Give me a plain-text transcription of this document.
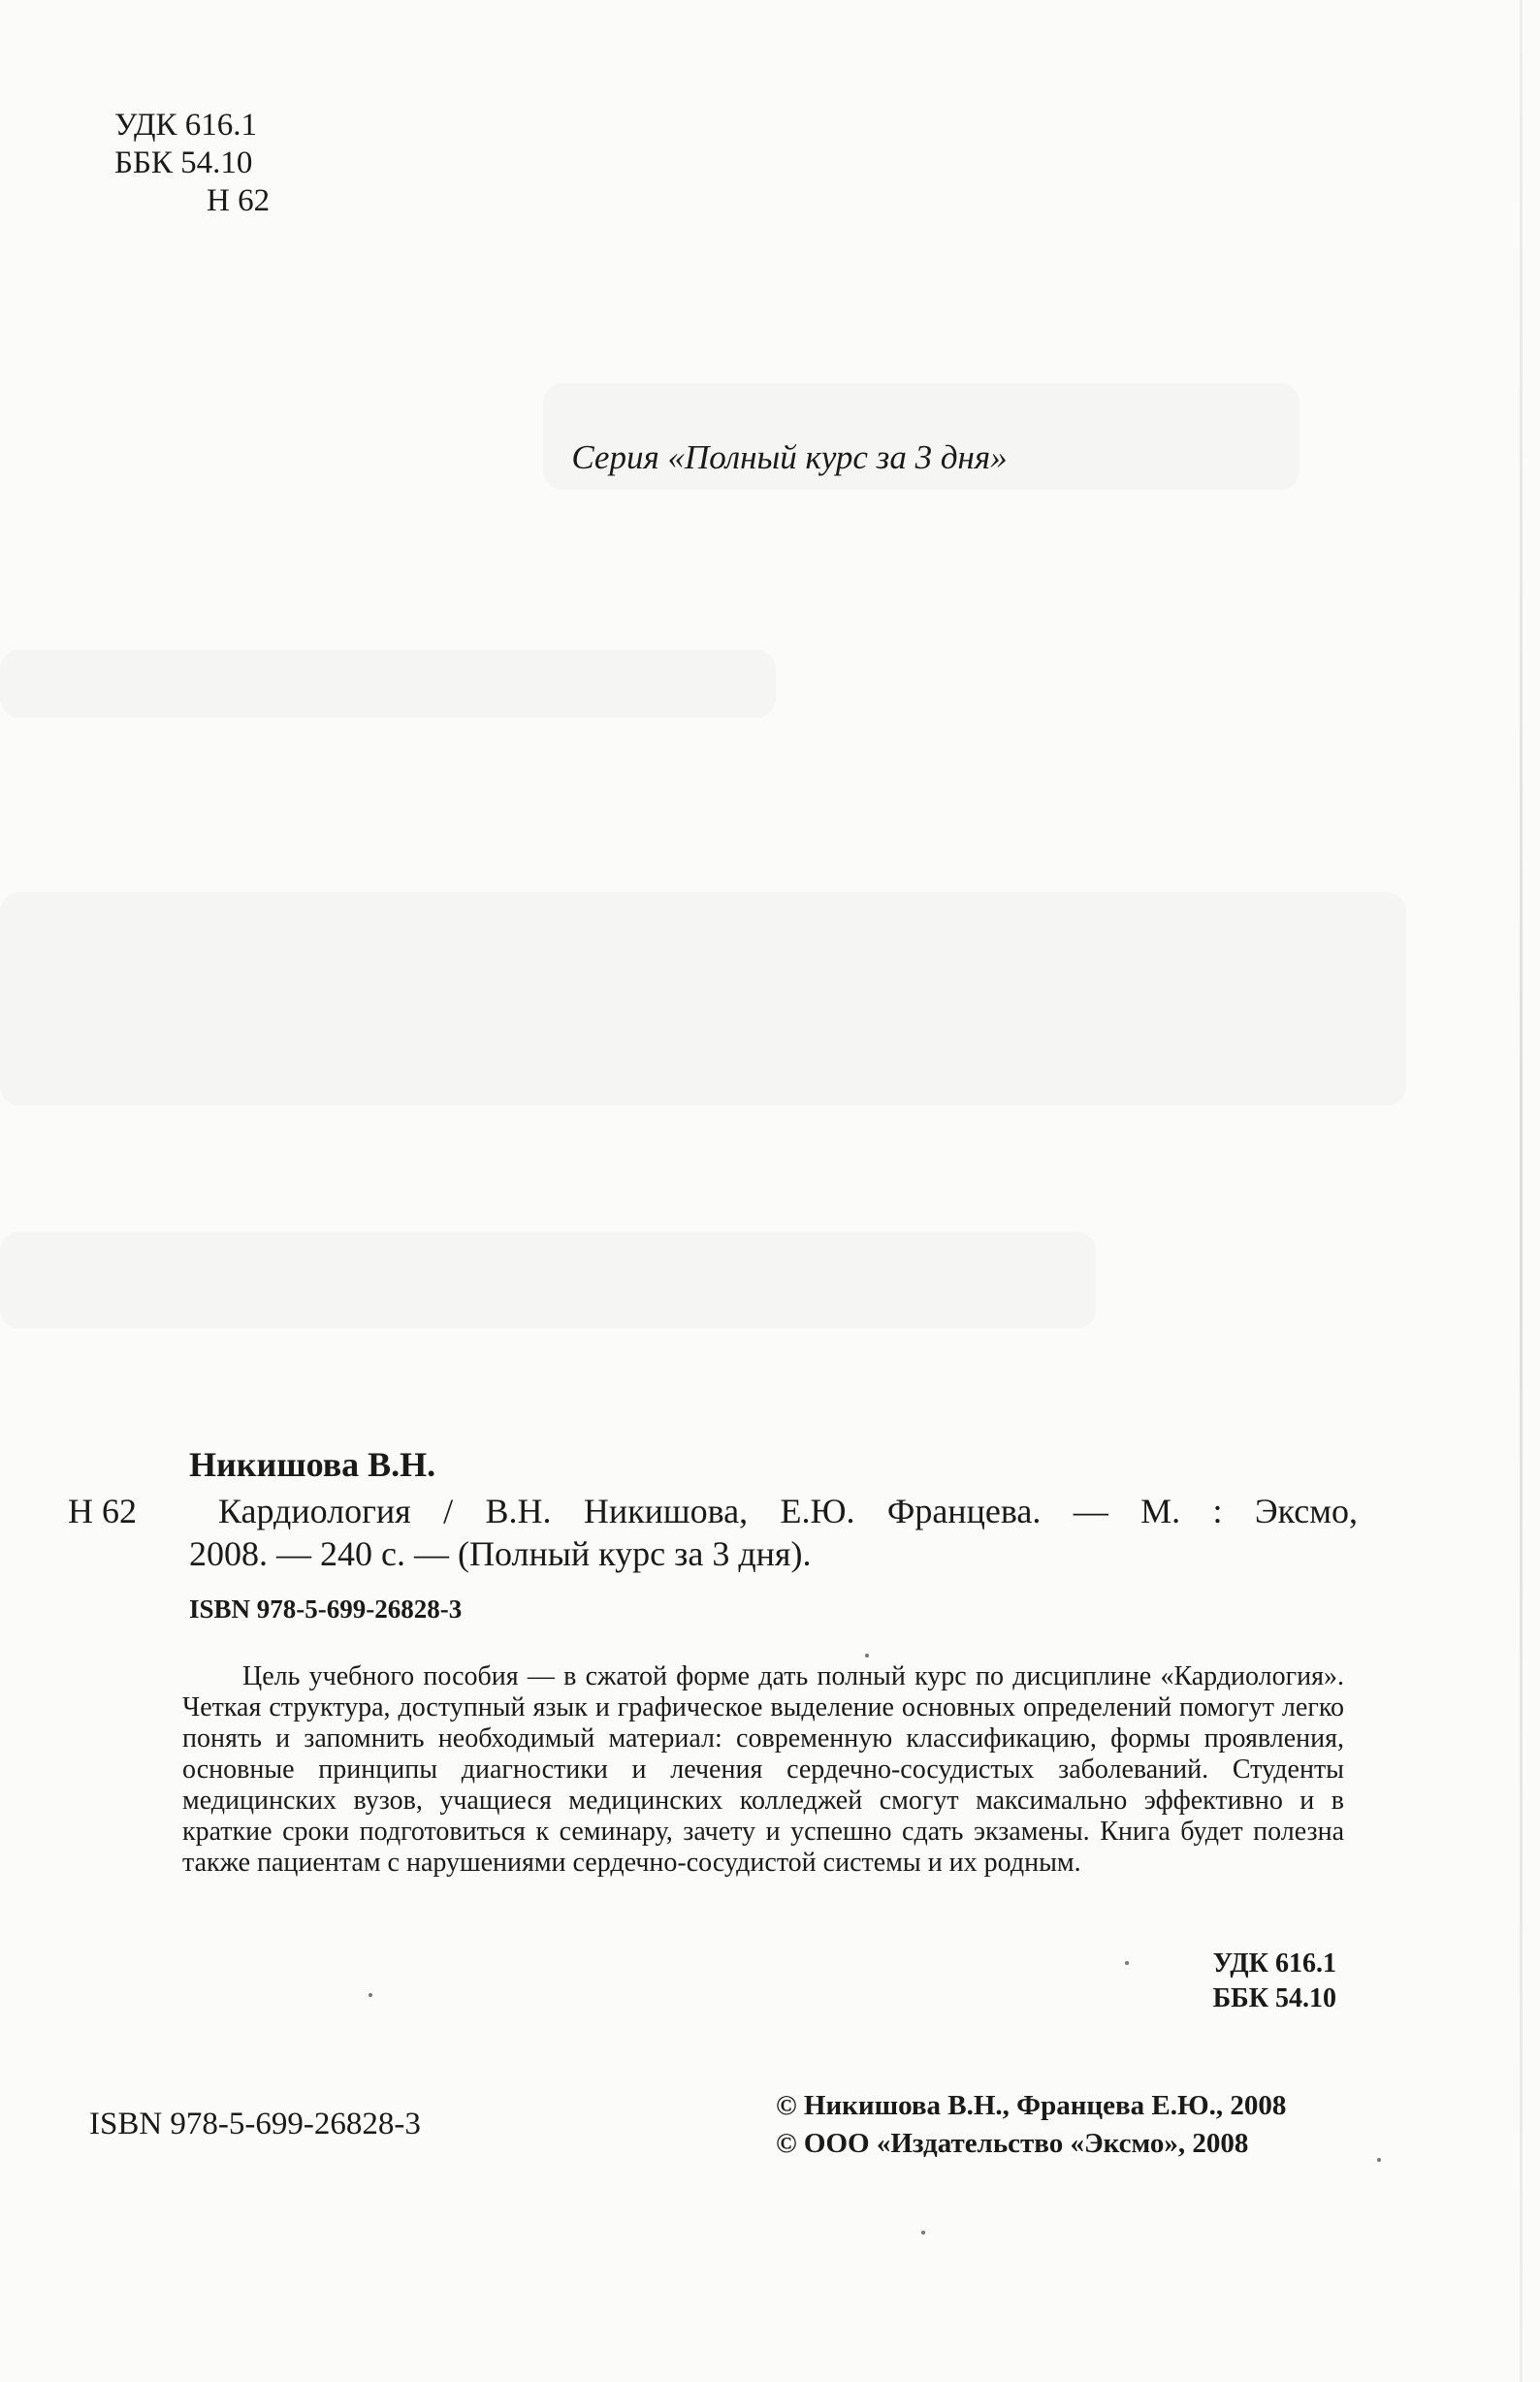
УДК 616.1
ББК 54.10
Н 62
Серия «Полный курс за 3 дня»
Никишова В.Н.
Н 62	Кардиология / В.Н. Никишова, Е.Ю. Францева. — М. : Эксмо,
2008. — 240 с. — (Полный курс за 3 дня).
ISBN 978-5-699-26828-3
Цель учебного пособия — в сжатой форме дать полный курс по дисциплине «Кардиология». Четкая структура, доступный язык и графическое выделение основных определений помогут легко понять и запомнить необходимый материал: современную классификацию, формы проявления, основные принципы диагностики и лечения сердечно-сосудистых заболеваний. Студенты медицинских вузов, учащиеся медицинских колледжей смогут максимально эффективно и в краткие сроки подготовиться к семинару, зачету и успешно сдать экзамены. Книга будет полезна также пациентам с нарушениями сердечно-сосудистой системы и их родным.
УДК 616.1
ББК 54.10
ISBN 978-5-699-26828-3
© Никишова В.Н., Францева Е.Ю., 2008
© ООО «Издательство «Эксмо», 2008
